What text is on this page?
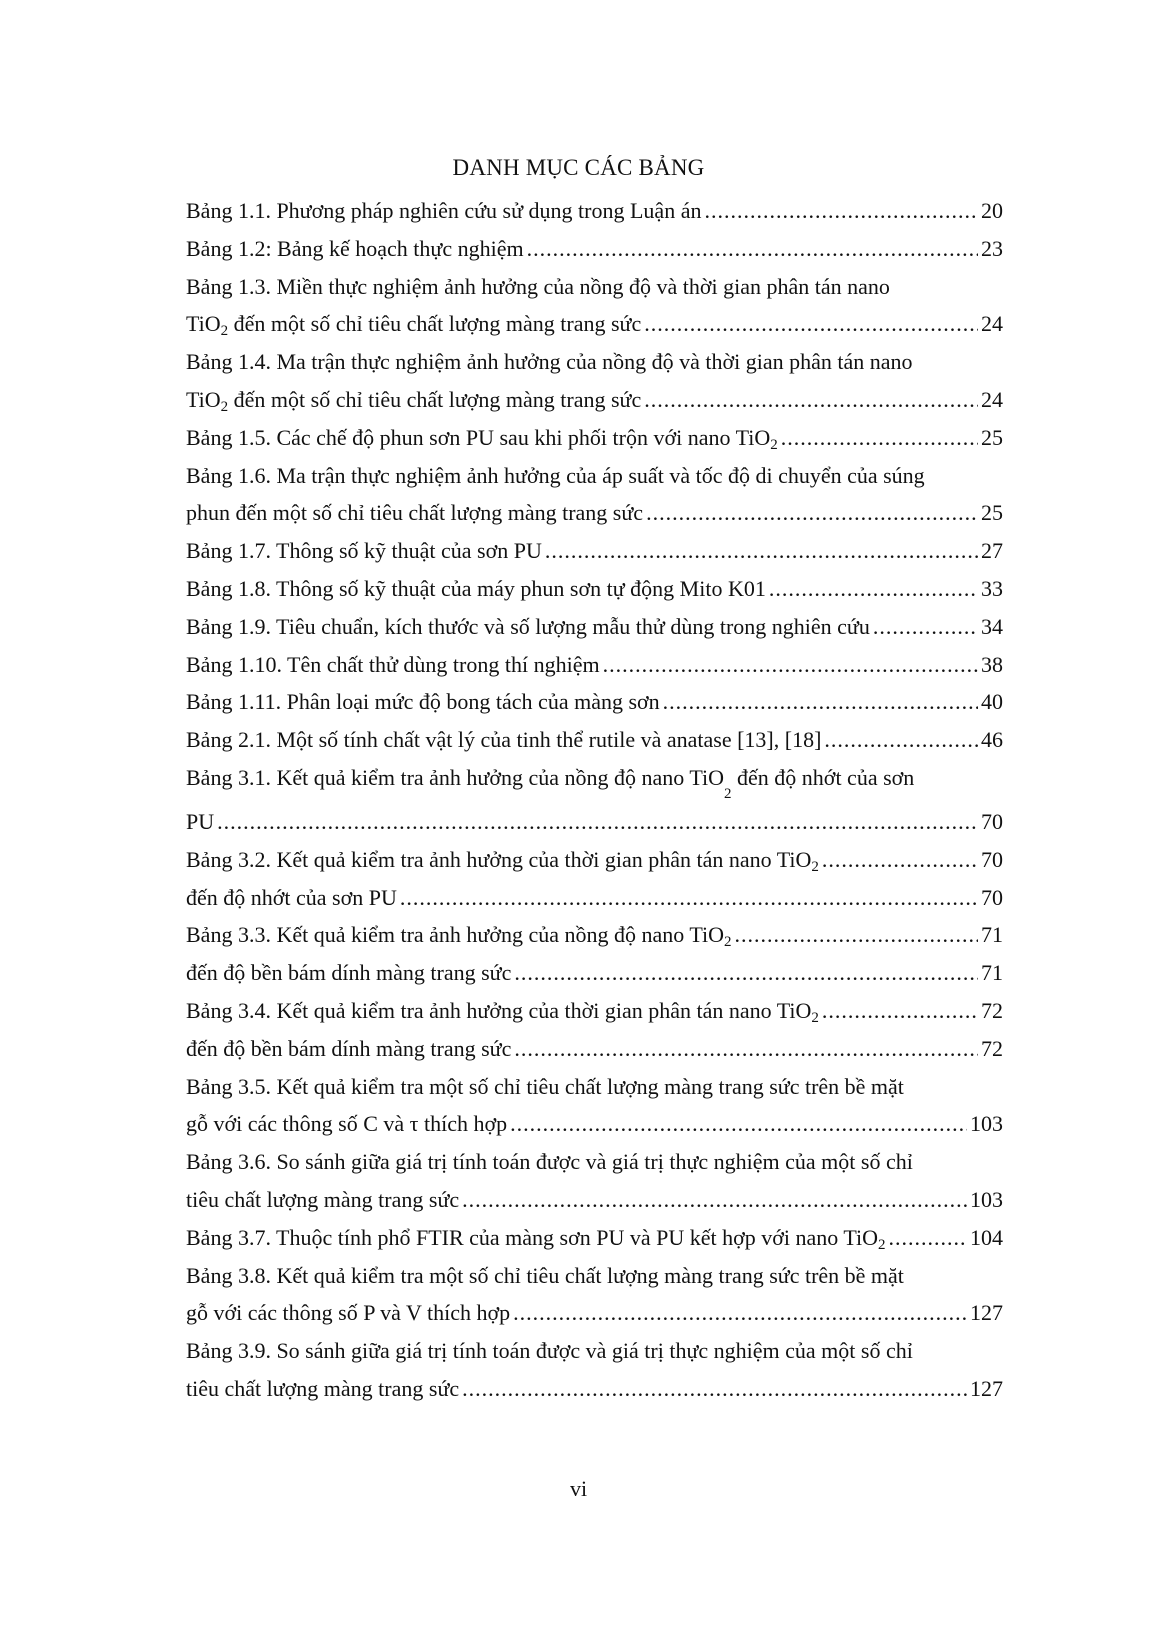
DANH MỤC CÁC BẢNG
Bảng 1.1. Phương pháp nghiên cứu sử dụng trong Luận án .....	20
Bảng 1.2: Bảng kế hoạch thực nghiệm .....	23
Bảng 1.3. Miền thực nghiệm ảnh hưởng của nồng độ và thời gian phân tán nano
TiO$_2$ đến một số chỉ tiêu chất lượng màng trang sức .....	24
Bảng 1.4. Ma trận thực nghiệm ảnh hưởng của nồng độ và thời gian phân tán nano
TiO$_2$ đến một số chỉ tiêu chất lượng màng trang sức .....	24
Bảng 1.5. Các chế độ phun sơn PU sau khi phối trộn với nano TiO$_2$ .....	25
Bảng 1.6. Ma trận thực nghiệm ảnh hưởng của áp suất và tốc độ di chuyển của súng
phun đến một số chỉ tiêu chất lượng màng trang sức .....	25
Bảng 1.7. Thông số kỹ thuật của sơn PU .....	27
Bảng 1.8. Thông số kỹ thuật của máy phun sơn tự động Mito K01 .....	33
Bảng 1.9. Tiêu chuẩn, kích thước và số lượng mẫu thử dùng trong nghiên cứu .....	34
Bảng 1.10. Tên chất thử dùng trong thí nghiệm .....	38
Bảng 1.11. Phân loại mức độ bong tách của màng sơn .....	40
Bảng 2.1. Một số tính chất vật lý của tinh thể rutile và anatase [13], [18] .....	46
Bảng 3.1. Kết quả kiểm tra ảnh hưởng của nồng độ nano TiO$_2$ đến độ nhớt của sơn
PU .....	70
Bảng 3.2. Kết quả kiểm tra ảnh hưởng của thời gian phân tán nano TiO$_2$ .....	70
đến độ nhớt của sơn PU .....	70
Bảng 3.3. Kết quả kiểm tra ảnh hưởng của nồng độ nano TiO$_2$ .....	71
đến độ bền bám dính màng trang sức .....	71
Bảng 3.4. Kết quả kiểm tra ảnh hưởng của thời gian phân tán nano TiO$_2$ .....	72
đến độ bền bám dính màng trang sức .....	72
Bảng 3.5. Kết quả kiểm tra một số chỉ tiêu chất lượng màng trang sức trên bề mặt
gỗ với các thông số C và τ thích hợp .....	103
Bảng 3.6. So sánh giữa giá trị tính toán được và giá trị thực nghiệm của một số chỉ
tiêu chất lượng màng trang sức .....	103
Bảng 3.7. Thuộc tính phổ FTIR của màng sơn PU và PU kết hợp với nano TiO$_2$ .....	104
Bảng 3.8. Kết quả kiểm tra một số chỉ tiêu chất lượng màng trang sức trên bề mặt
gỗ với các thông số P và V thích hợp .....	127
Bảng 3.9. So sánh giữa giá trị tính toán được và giá trị thực nghiệm của một số chỉ
tiêu chất lượng màng trang sức .....	127
vi
